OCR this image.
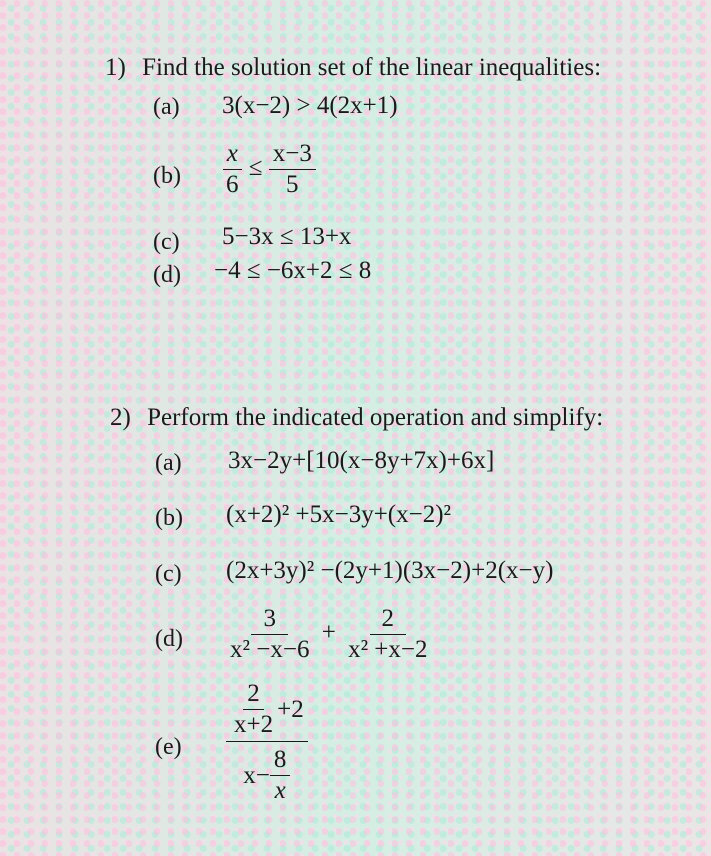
1) Find the solution set of the linear inequalities:
(a) 3(x−2) > 4(2x+1)
$(b) \frac{x}{6} \le \frac{x-3}{5}$
(c) 5−3x ≤ 13+x
(d) −4 ≤ −6x+2 ≤ 8
2) Perform the indicated operation and simplify:
(a) 3x−2y+[10(x−8y+7x)+6x]
(b) (x+2)² +5x−3y+(x−2)²
(c) (2x+3y)² −(2y+1)(3x−2)+2(x−y)
$(d) \frac{3}{\text{x² −x−6}} + \frac{2}{\text{x² +x−2}}$
$(e) \frac{\frac{2}{x+2} +2}{x- \frac{8}{x}}$
